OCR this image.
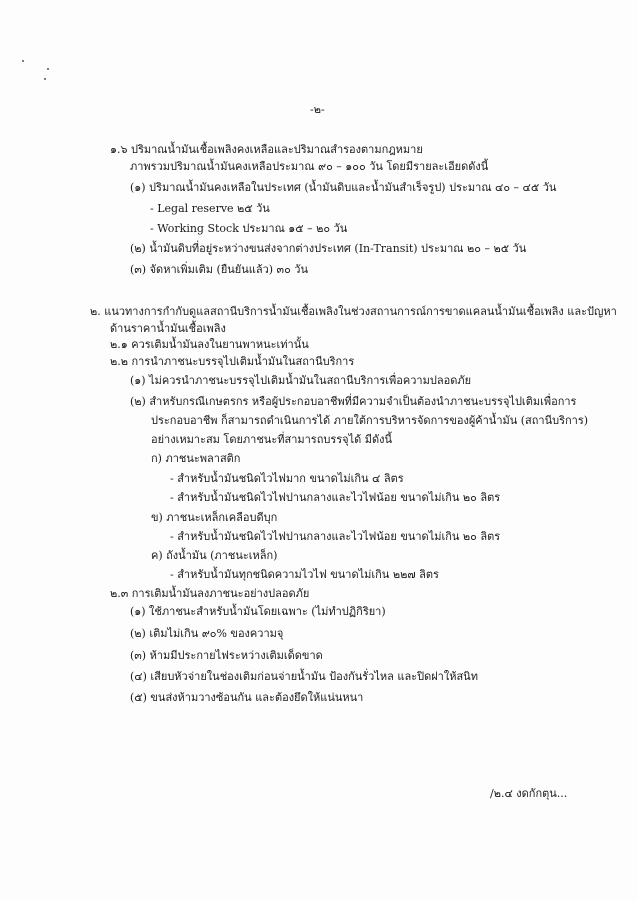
-๒-
๑.๖ ปริมาณน้ำมันเชื้อเพลิงคงเหลือและปริมาณสำรองตามกฎหมาย
ภาพรวมปริมาณน้ำมันคงเหลือประมาณ ๙๐ – ๑๐๐ วัน โดยมีรายละเอียดดังนี้
(๑) ปริมาณน้ำมันคงเหลือในประเทศ (น้ำมันดิบและน้ำมันสำเร็จรูป) ประมาณ ๔๐ – ๔๕ วัน
- Legal reserve ๒๕ วัน
- Working Stock ประมาณ ๑๕ – ๒๐ วัน
(๒) น้ำมันดิบที่อยู่ระหว่างขนส่งจากต่างประเทศ (In-Transit) ประมาณ ๒๐ – ๒๕ วัน
(๓) จัดหาเพิ่มเติม (ยืนยันแล้ว) ๓๐ วัน
๒. แนวทางการกำกับดูแลสถานีบริการน้ำมันเชื้อเพลิงในช่วงสถานการณ์การขาดแคลนน้ำมันเชื้อเพลิง และปัญหา
ด้านราคาน้ำมันเชื้อเพลิง
๒.๑ ควรเติมน้ำมันลงในยานพาหนะเท่านั้น
๒.๒ การนำภาชนะบรรจุไปเติมน้ำมันในสถานีบริการ
(๑) ไม่ควรนำภาชนะบรรจุไปเติมน้ำมันในสถานีบริการเพื่อความปลอดภัย
(๒) สำหรับกรณีเกษตรกร หรือผู้ประกอบอาชีพที่มีความจำเป็นต้องนำภาชนะบรรจุไปเติมเพื่อการ
ประกอบอาชีพ ก็สามารถดำเนินการได้ ภายใต้การบริหารจัดการของผู้ค้าน้ำมัน (สถานีบริการ)
อย่างเหมาะสม โดยภาชนะที่สามารถบรรจุได้ มีดังนี้
ก) ภาชนะพลาสติก
- สำหรับน้ำมันชนิดไวไฟมาก ขนาดไม่เกิน ๔ ลิตร
- สำหรับน้ำมันชนิดไวไฟปานกลางและไวไฟน้อย ขนาดไม่เกิน ๒๐ ลิตร
ข) ภาชนะเหล็กเคลือบดีบุก
- สำหรับน้ำมันชนิดไวไฟปานกลางและไวไฟน้อย ขนาดไม่เกิน ๒๐ ลิตร
ค) ถังน้ำมัน (ภาชนะเหล็ก)
- สำหรับน้ำมันทุกชนิดความไวไฟ ขนาดไม่เกิน ๒๒๗ ลิตร
๒.๓ การเติมน้ำมันลงภาชนะอย่างปลอดภัย
(๑) ใช้ภาชนะสำหรับน้ำมันโดยเฉพาะ (ไม่ทำปฏิกิริยา)
(๒) เติมไม่เกิน ๙๐% ของความจุ
(๓) ห้ามมีประกายไฟระหว่างเติมเด็ดขาด
(๔) เสียบหัวจ่ายในช่องเติมก่อนจ่ายน้ำมัน ป้องกันรั่วไหล และปิดฝาให้สนิท
(๕) ขนส่งห้ามวางซ้อนกัน และต้องยึดให้แน่นหนา
/๒.๔ งดกักตุน...
